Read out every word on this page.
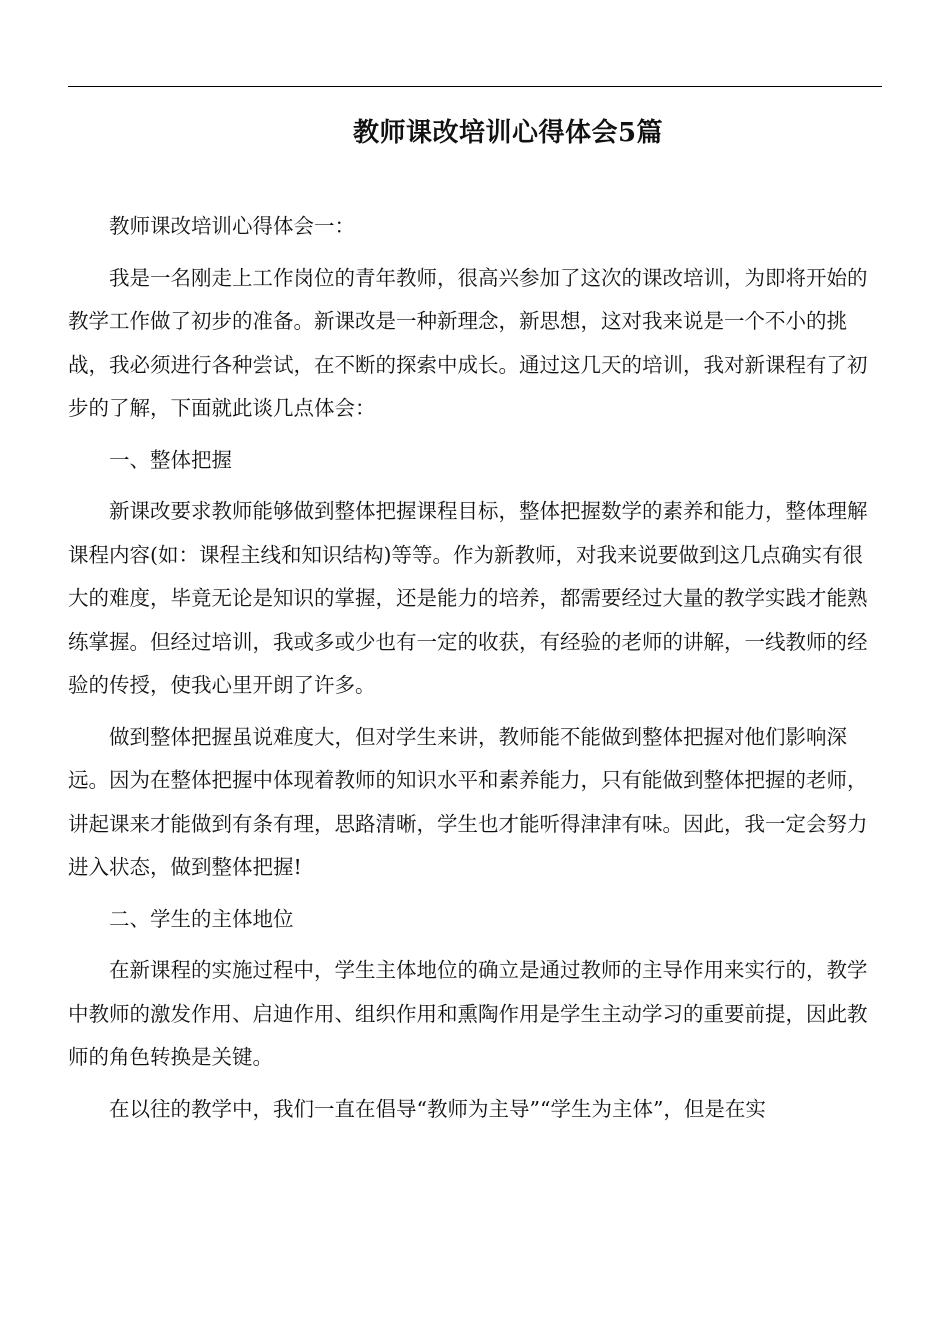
教师课改培训心得体会5篇

教师课改培训心得体会一：

我是一名刚走上工作岗位的青年教师，很高兴参加了这次的课改培训，为即将开始的教学工作做了初步的准备。新课改是一种新理念，新思想，这对我来说是一个不小的挑战，我必须进行各种尝试，在不断的探索中成长。通过这几天的培训，我对新课程有了初步的了解，下面就此谈几点体会：

一、整体把握

新课改要求教师能够做到整体把握课程目标，整体把握数学的素养和能力，整体理解课程内容(如：课程主线和知识结构)等等。作为新教师，对我来说要做到这几点确实有很大的难度，毕竟无论是知识的掌握，还是能力的培养，都需要经过大量的教学实践才能熟练掌握。但经过培训，我或多或少也有一定的收获，有经验的老师的讲解，一线教师的经验的传授，使我心里开朗了许多。

做到整体把握虽说难度大，但对学生来讲，教师能不能做到整体把握对他们影响深远。因为在整体把握中体现着教师的知识水平和素养能力，只有能做到整体把握的老师，讲起课来才能做到有条有理，思路清晰，学生也才能听得津津有味。因此，我一定会努力进入状态，做到整体把握!

二、学生的主体地位

在新课程的实施过程中，学生主体地位的确立是通过教师的主导作用来实行的，教学中教师的激发作用、启迪作用、组织作用和熏陶作用是学生主动学习的重要前提，因此教师的角色转换是关键。

在以往的教学中，我们一直在倡导“教师为主导”“学生为主体”，但是在实
